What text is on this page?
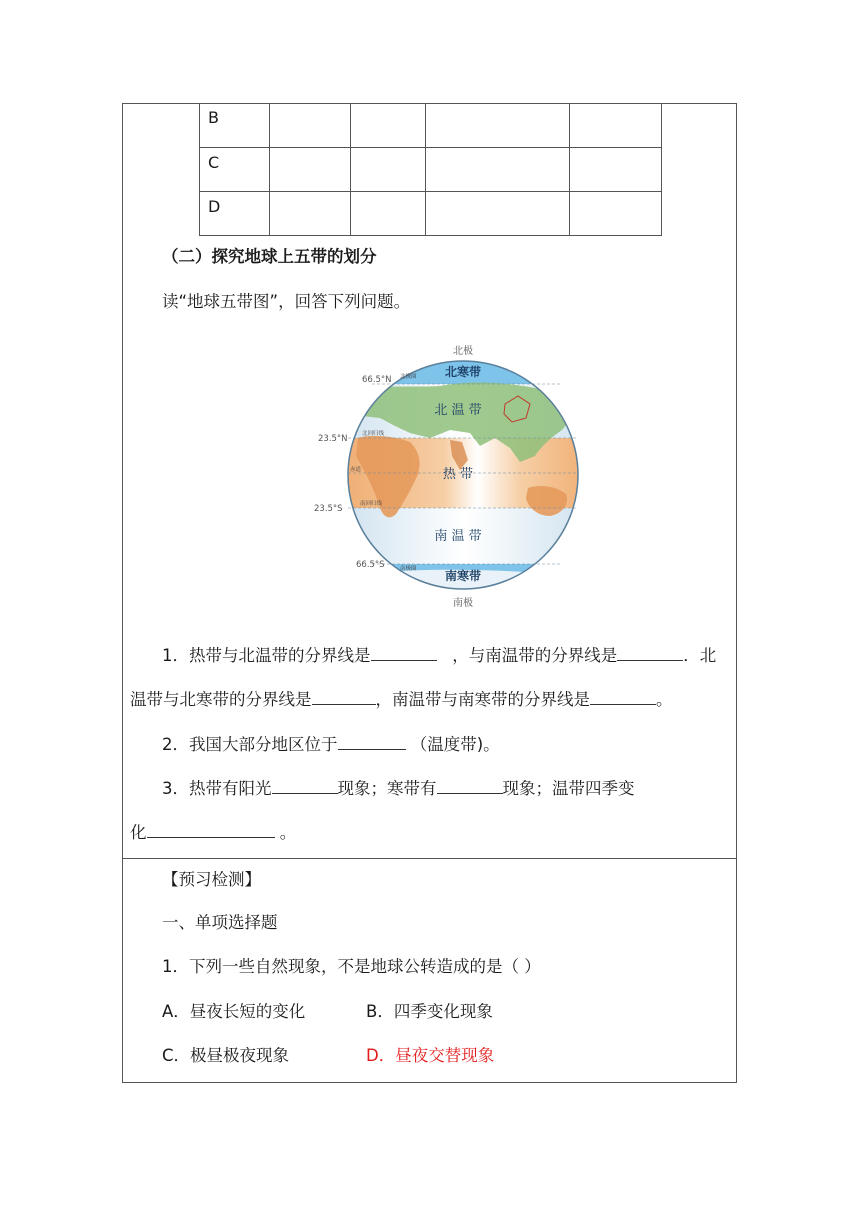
B				
C				
D				
（二）探究地球上五带的划分
读“地球五带图”，回答下列问题。
北极
南极
66.5°N
23.5°N
23.5°S
66.5°S
北极圈
北回归线
赤道
南回归线
南极圈
北寒带
北 温 带
热 带
南 温 带
南寒带
1．热带与北温带的分界线是	，与南温带的分界线是	．北
温带与北寒带的分界线是	，南温带与南寒带的分界线是	。
2．我国大部分地区位于	（温度带)。
3．热带有阳光	现象；寒带有	现象；温带四季变
化	。
【预习检测】
一、单项选择题
1．下列一些自然现象，不是地球公转造成的是（ ）
A．昼夜长短的变化	B．四季变化现象
C．极昼极夜现象	D．昼夜交替现象
